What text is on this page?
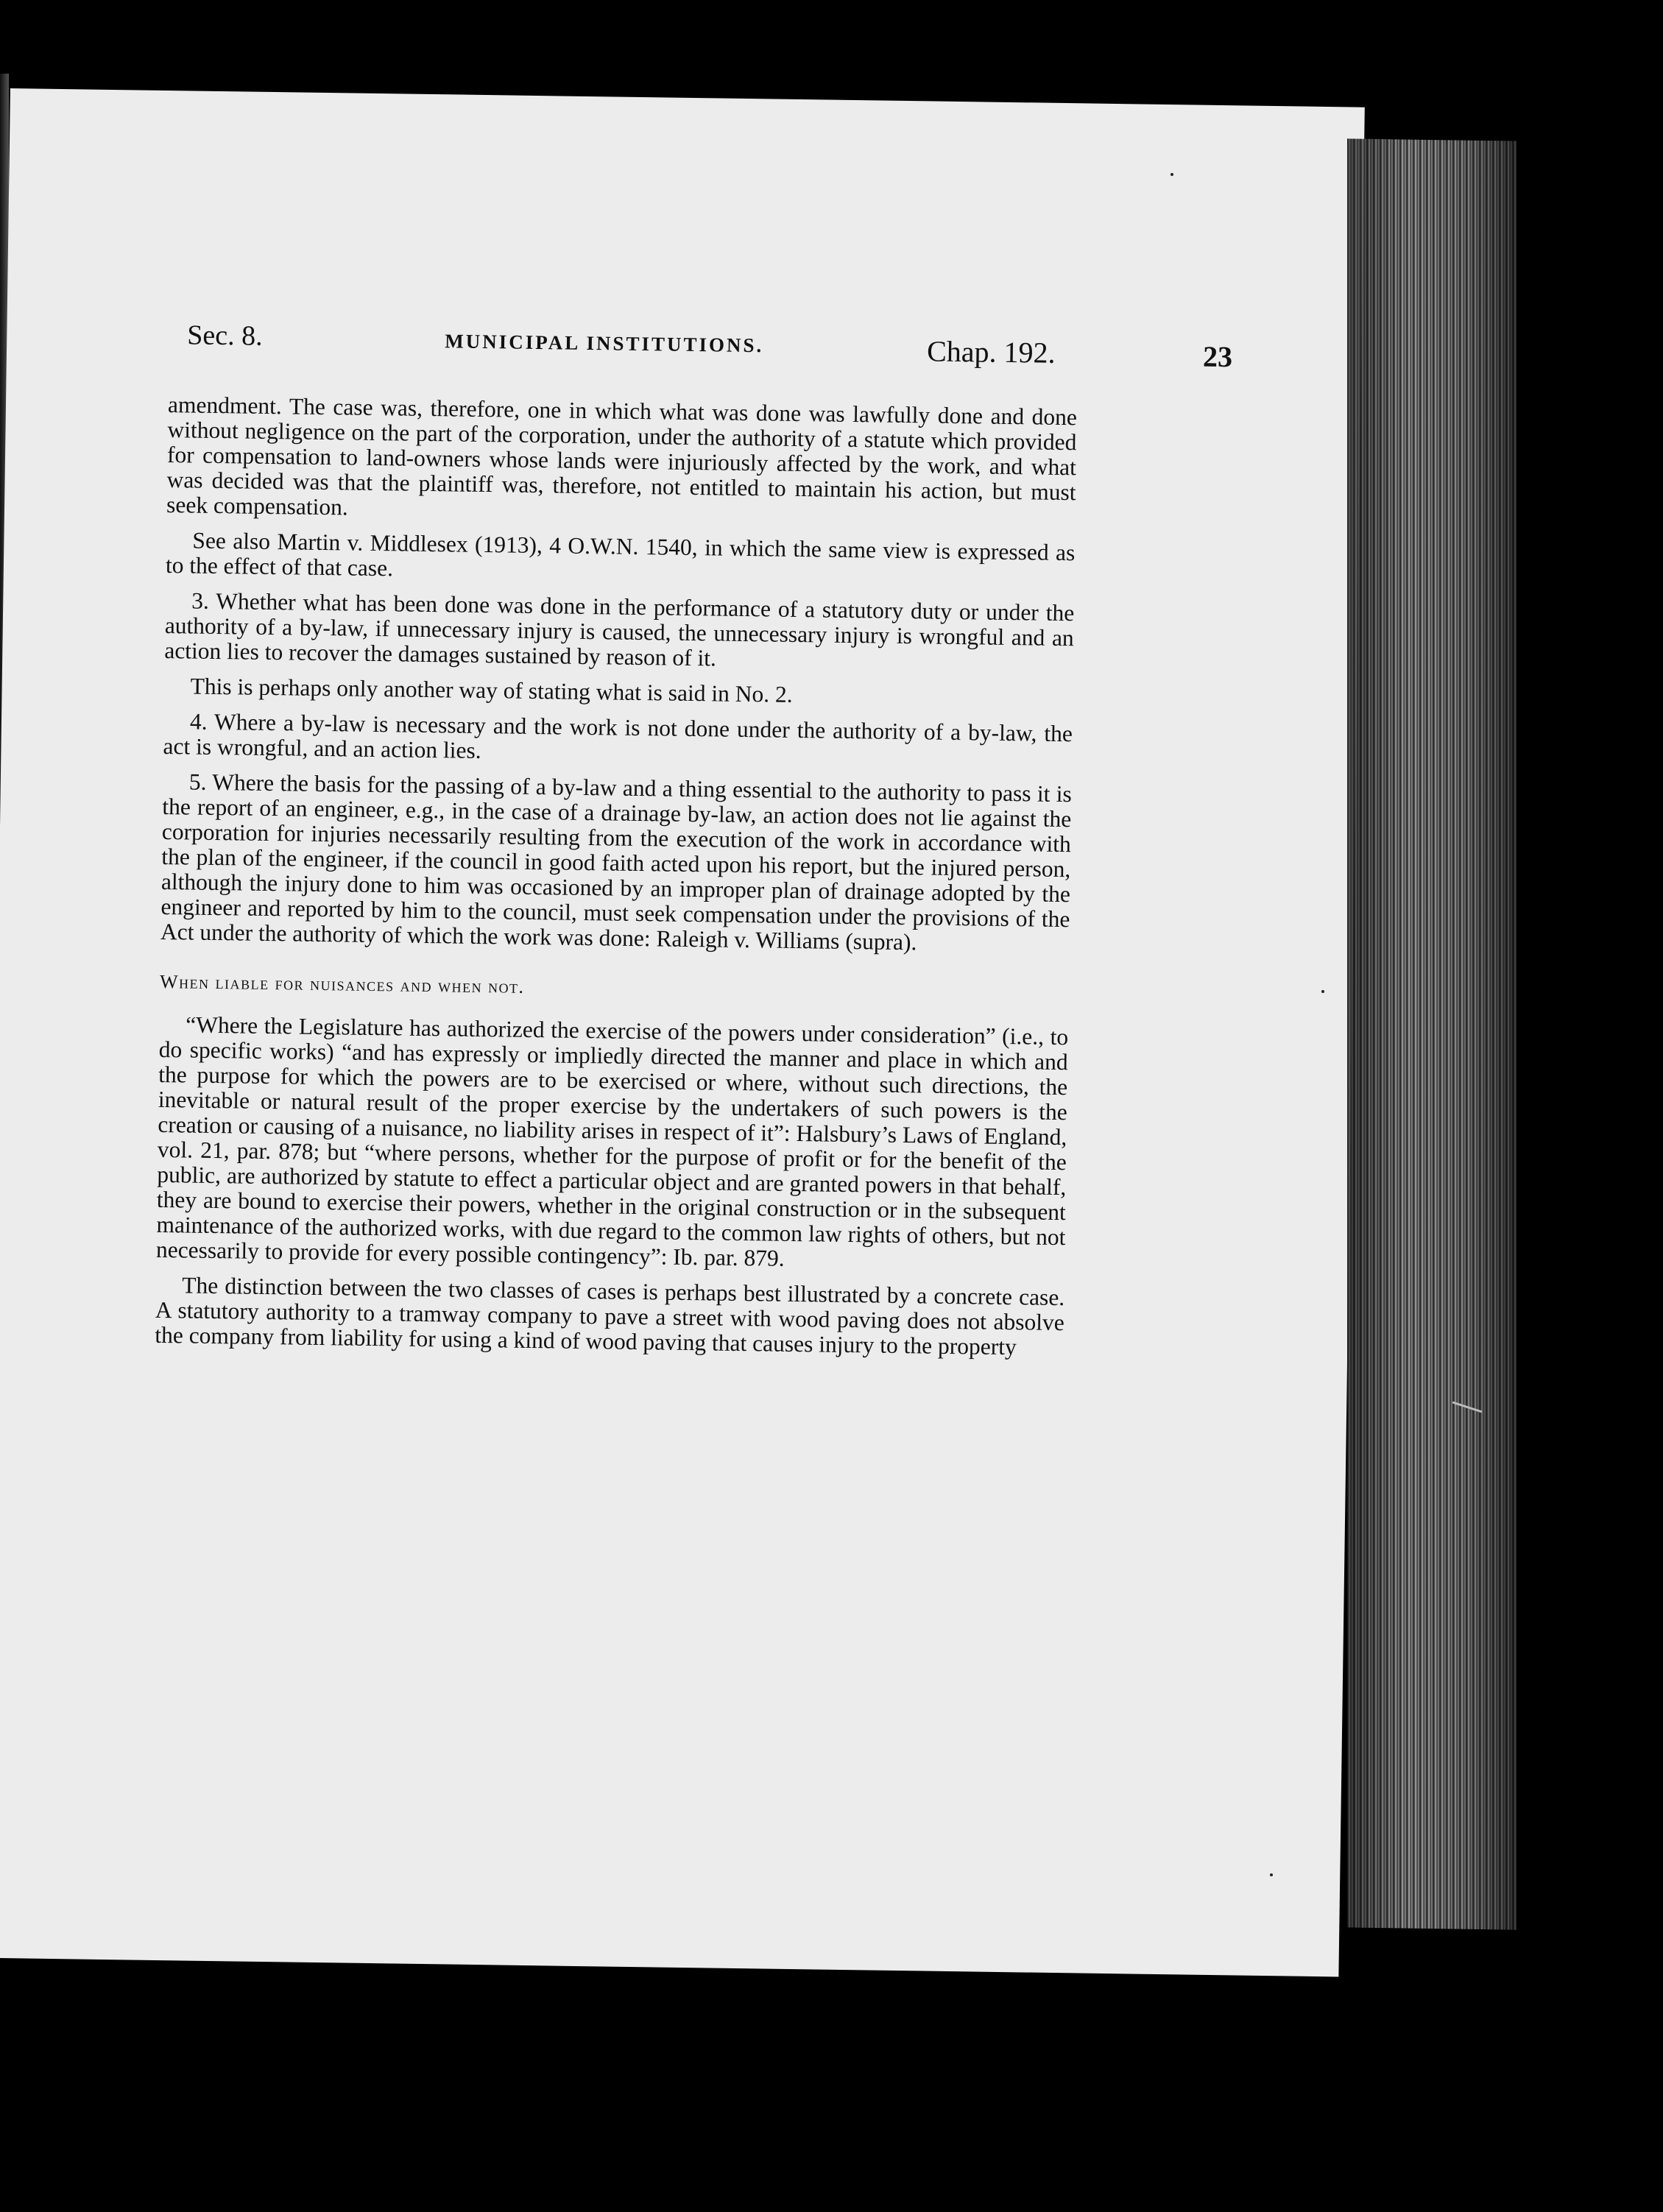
Sec. 8.	MUNICIPAL INSTITUTIONS.	Chap. 192.	23

amendment. The case was, therefore, one in which what was done was lawfully done and done without negligence on the part of the corporation, under the authority of a statute which provided for compensation to land-owners whose lands were injuriously affected by the work, and what was decided was that the plaintiff was, therefore, not entitled to maintain his action, but must seek compensation.

See also Martin v. Middlesex (1913), 4 O.W.N. 1540, in which the same view is expressed as to the effect of that case.

3. Whether what has been done was done in the performance of a statutory duty or under the authority of a by-law, if unnecessary injury is caused, the unnecessary injury is wrongful and an action lies to recover the damages sustained by reason of it.

This is perhaps only another way of stating what is said in No. 2.

4. Where a by-law is necessary and the work is not done under the authority of a by-law, the act is wrongful, and an action lies.

5. Where the basis for the passing of a by-law and a thing essential to the authority to pass it is the report of an engineer, e.g., in the case of a drainage by-law, an action does not lie against the corporation for injuries necessarily resulting from the execution of the work in accordance with the plan of the engineer, if the council in good faith acted upon his report, but the injured person, although the injury done to him was occasioned by an improper plan of drainage adopted by the engineer and reported by him to the council, must seek compensation under the provisions of the Act under the authority of which the work was done: Raleigh v. Williams (supra).

When liable for nuisances and when not.

“Where the Legislature has authorized the exercise of the powers under consideration” (i.e., to do specific works) “and has expressly or impliedly directed the manner and place in which and the purpose for which the powers are to be exercised or where, without such directions, the inevitable or natural result of the proper exercise by the undertakers of such powers is the creation or causing of a nuisance, no liability arises in respect of it”: Halsbury’s Laws of England, vol. 21, par. 878; but “where persons, whether for the purpose of profit or for the benefit of the public, are authorized by statute to effect a particular object and are granted powers in that behalf, they are bound to exercise their powers, whether in the original construction or in the subsequent maintenance of the authorized works, with due regard to the common law rights of others, but not necessarily to provide for every possible contingency”: Ib. par. 879.

The distinction between the two classes of cases is perhaps best illustrated by a concrete case. A statutory authority to a tramway company to pave a street with wood paving does not absolve the company from liability for using a kind of wood paving that causes injury to the property
